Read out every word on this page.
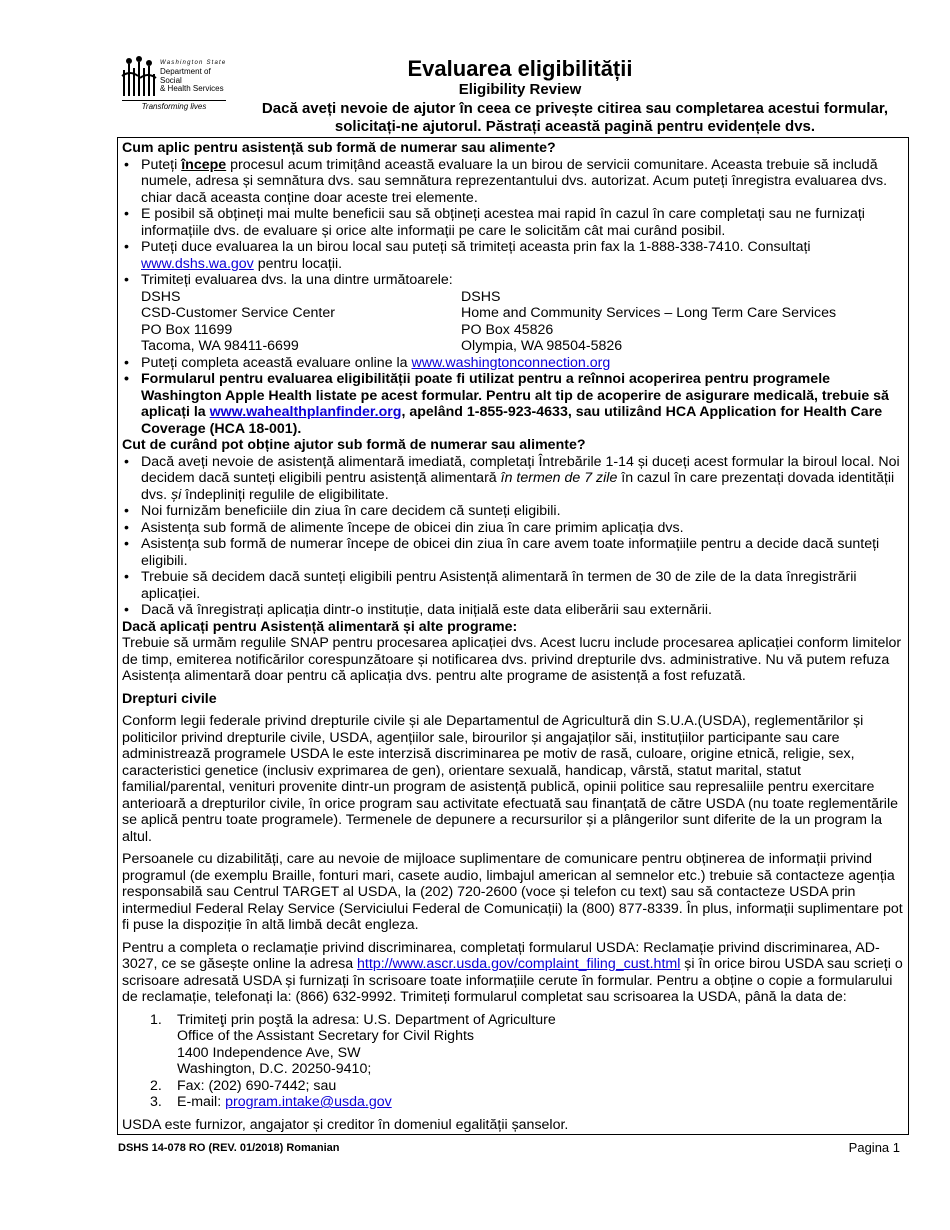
Washington State
Department of Social
& Health Services
Transforming lives
Evaluarea eligibilității
Eligibility Review
Dacă aveți nevoie de ajutor în ceea ce privește citirea sau completarea acestui formular, solicitați-ne ajutorul. Păstrați această pagină pentru evidențele dvs.

Cum aplic pentru asistență sub formă de numerar sau alimente?

• Puteți începe procesul acum trimițând această evaluare la un birou de servicii comunitare. Aceasta trebuie să includă numele, adresa și semnătura dvs. sau semnătura reprezentantului dvs. autorizat. Acum puteți înregistra evaluarea dvs. chiar dacă aceasta conține doar aceste trei elemente.
• E posibil să obțineți mai multe beneficii sau să obțineți acestea mai rapid în cazul în care completați sau ne furnizați informațiile dvs. de evaluare și orice alte informații pe care le solicităm cât mai curând posibil.
• Puteți duce evaluarea la un birou local sau puteți să trimiteți aceasta prin fax la 1-888-338-7410. Consultați www.dshs.wa.gov pentru locații.
• Trimiteți evaluarea dvs. la una dintre următoarele:
DSHS
CSD-Customer Service Center
PO Box 11699
Tacoma, WA 98411-6699
DSHS
Home and Community Services – Long Term Care Services
PO Box 45826
Olympia, WA 98504-5826
• Puteți completa această evaluare online la www.washingtonconnection.org
• Formularul pentru evaluarea eligibilității poate fi utilizat pentru a reînnoi acoperirea pentru programele Washington Apple Health listate pe acest formular. Pentru alt tip de acoperire de asigurare medicală, trebuie să aplicați la www.wahealthplanfinder.org, apelând 1-855-923-4633, sau utilizând HCA Application for Health Care Coverage (HCA 18-001).

Cut de curând pot obține ajutor sub formă de numerar sau alimente?

• Dacă aveți nevoie de asistență alimentară imediată, completați Întrebările 1-14 și duceți acest formular la biroul local. Noi decidem dacă sunteți eligibili pentru asistență alimentară în termen de 7 zile în cazul în care prezentați dovada identității dvs. și îndepliniți regulile de eligibilitate.
• Noi furnizăm beneficiile din ziua în care decidem că sunteți eligibili.
• Asistența sub formă de alimente începe de obicei din ziua în care primim aplicația dvs.
• Asistența sub formă de numerar începe de obicei din ziua în care avem toate informațiile pentru a decide dacă sunteți eligibili.
• Trebuie să decidem dacă sunteți eligibili pentru Asistență alimentară în termen de 30 de zile de la data înregistrării aplicației.
• Dacă vă înregistrați aplicația dintr-o instituție, data inițială este data eliberării sau externării.

Dacă aplicați pentru Asistență alimentară și alte programe:

Trebuie să urmăm regulile SNAP pentru procesarea aplicației dvs. Acest lucru include procesarea aplicației conform limitelor de timp, emiterea notificărilor corespunzătoare și notificarea dvs. privind drepturile dvs. administrative. Nu vă putem refuza Asistența alimentară doar pentru că aplicația dvs. pentru alte programe de asistență a fost refuzată.

Drepturi civile

Conform legii federale privind drepturile civile și ale Departamentul de Agricultură din S.U.A.(USDA), reglementărilor și politicilor privind drepturile civile, USDA, agențiilor sale, birourilor și angajaților săi, instituțiilor participante sau care administrează programele USDA le este interzisă discriminarea pe motiv de rasă, culoare, origine etnică, religie, sex, caracteristici genetice (inclusiv exprimarea de gen), orientare sexuală, handicap, vârstă, statut marital, statut familial/parental, venituri provenite dintr-un program de asistență publică, opinii politice sau represaliile pentru exercitare anterioară a drepturilor civile, în orice program sau activitate efectuată sau finanțată de către USDA (nu toate reglementările se aplică pentru toate programele). Termenele de depunere a recursurilor și a plângerilor sunt diferite de la un program la altul.

Persoanele cu dizabilități, care au nevoie de mijloace suplimentare de comunicare pentru obținerea de informații privind programul (de exemplu Braille, fonturi mari, casete audio, limbajul american al semnelor etc.) trebuie să contacteze agenția responsabilă sau Centrul TARGET al USDA, la (202) 720-2600 (voce și telefon cu text) sau să contacteze USDA prin intermediul Federal Relay Service (Serviciului Federal de Comunicații) la (800) 877-8339. În plus, informații suplimentare pot fi puse la dispoziție în altă limbă decât engleza.

Pentru a completa o reclamație privind discriminarea, completați formularul USDA: Reclamație privind discriminarea, AD-3027, ce se găsește online la adresa http://www.ascr.usda.gov/complaint_filing_cust.html și în orice birou USDA sau scrieți o scrisoare adresată USDA și furnizați în scrisoare toate informațiile cerute în formular. Pentru a obține o copie a formularului de reclamație, telefonați la: (866) 632-9992. Trimiteți formularul completat sau scrisoarea la USDA, până la data de:

1. Trimiteţi prin poştă la adresa: U.S. Department of Agriculture
Office of the Assistant Secretary for Civil Rights
1400 Independence Ave, SW
Washington, D.C. 20250-9410;
2. Fax: (202) 690-7442; sau
3. E-mail: program.intake@usda.gov

USDA este furnizor, angajator și creditor în domeniul egalității șanselor.

DSHS 14-078 RO (REV. 01/2018) Romanian	Pagina 1
